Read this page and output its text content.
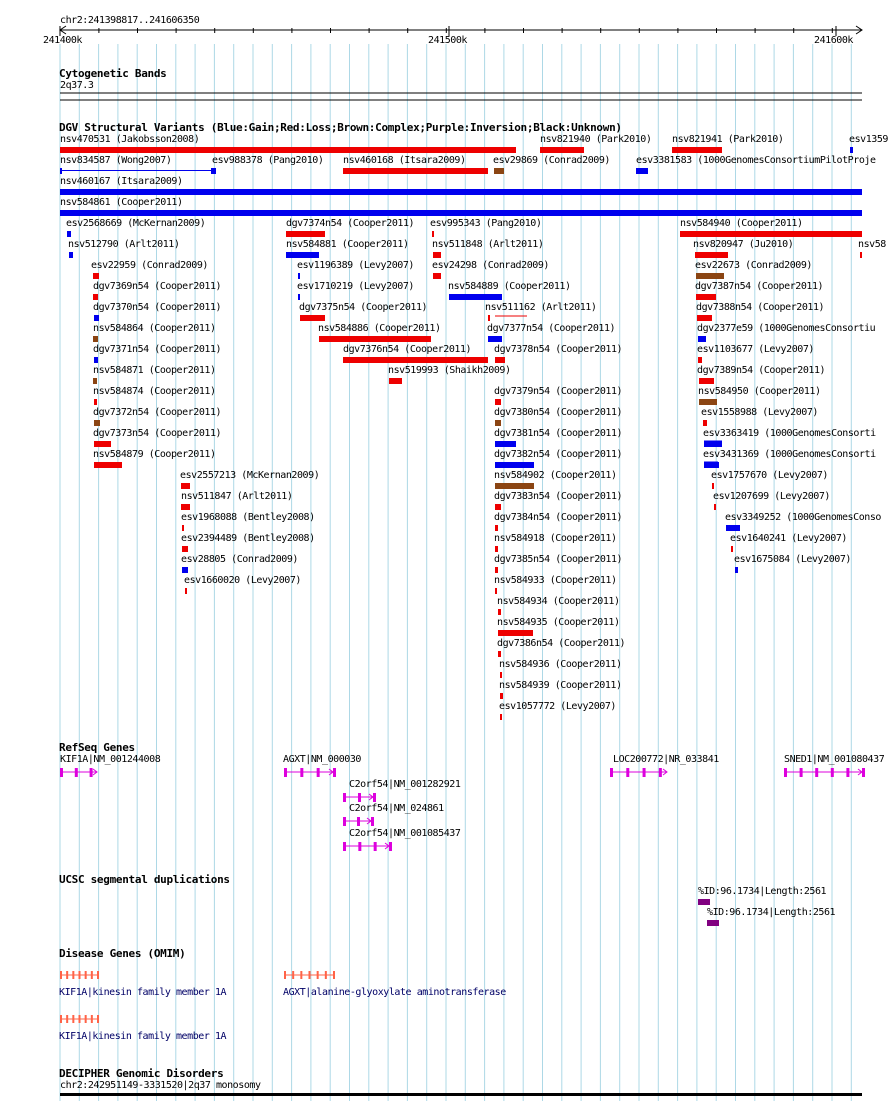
chr2:241398817..241606350
241400k	241500k	241600k
Cytogenetic Bands
2q37.3
DGV Structural Variants (Blue:Gain;Red:Loss;Brown:Complex;Purple:Inversion;Black:Unknown)
RefSeq Genes
UCSC segmental duplications
Disease Genes (OMIM)
DECIPHER Genomic Disorders
chr2:242951149-3331520|2q37 monosomy
nsv470531 (Jakobsson2008)	nsv821940 (Park2010) nsv821941 (Park2010)	esv1359
nsv834587 (Wong2007)	esv988378 (Pang2010) nsv460168 (Itsara2009)	esv29869 (Conrad2009)	esv3381583 (1000GenomesConsortiumPilotProje
nsv460167 (Itsara2009)
nsv584861 (Cooper2011)
esv2568669 (McKernan2009)	dgv7374n54 (Cooper2011) esv995343 (Pang2010)	nsv584940 (Cooper2011)
nsv512790 (Arlt2011)	nsv584881 (Cooper2011) nsv511848 (Arlt2011)	nsv820947 (Ju2010)	nsv58
esv22959 (Conrad2009)	esv1196389 (Levy2007) esv24298 (Conrad2009)	esv22673 (Conrad2009)
dgv7369n54 (Cooper2011)	esv1710219 (Levy2007)	nsv584889 (Cooper2011)	dgv7387n54 (Cooper2011)
dgv7370n54 (Cooper2011)	dgv7375n54 (Cooper2011)	nsv511162 (Arlt2011)	dgv7388n54 (Cooper2011)
nsv584864 (Cooper2011)	nsv584886 (Cooper2011)	dgv7377n54 (Cooper2011)	dgv2377e59 (1000GenomesConsortiu
dgv7371n54 (Cooper2011)	dgv7376n54 (Cooper2011) dgv7378n54 (Cooper2011)	esv1103677 (Levy2007)
nsv584871 (Cooper2011)	nsv519993 (Shaikh2009)	dgv7389n54 (Cooper2011)
nsv584874 (Cooper2011)	dgv7379n54 (Cooper2011)	nsv584950 (Cooper2011)
dgv7372n54 (Cooper2011)	dgv7380n54 (Cooper2011)	esv1558988 (Levy2007)
dgv7373n54 (Cooper2011)	dgv7381n54 (Cooper2011)	esv3363419 (1000GenomesConsorti
nsv584879 (Cooper2011)	dgv7382n54 (Cooper2011)	esv3431369 (1000GenomesConsorti
esv2557213 (McKernan2009)	nsv584902 (Cooper2011)	esv1757670 (Levy2007)
nsv511847 (Arlt2011)	dgv7383n54 (Cooper2011)	esv1207699 (Levy2007)
esv1968088 (Bentley2008)	dgv7384n54 (Cooper2011)	esv3349252 (1000GenomesConso
esv2394489 (Bentley2008)	nsv584918 (Cooper2011)	esv1640241 (Levy2007)
esv28805 (Conrad2009)	dgv7385n54 (Cooper2011)	esv1675084 (Levy2007)
esv1660020 (Levy2007)	nsv584933 (Cooper2011)
nsv584934 (Cooper2011)
nsv584935 (Cooper2011)
dgv7386n54 (Cooper2011)
nsv584936 (Cooper2011)
nsv584939 (Cooper2011)
esv1057772 (Levy2007)
KIF1A|NM_001244008	AGXT|NM_000030	LOC200772|NR_033841	SNED1|NM_001080437
C2orf54|NM_001282921
C2orf54|NM_024861
C2orf54|NM_001085437
%ID:96.1734|Length:2561
%ID:96.1734|Length:2561
KIF1A|kinesin family member 1A	AGXT|alanine-glyoxylate aminotransferase
KIF1A|kinesin family member 1A
